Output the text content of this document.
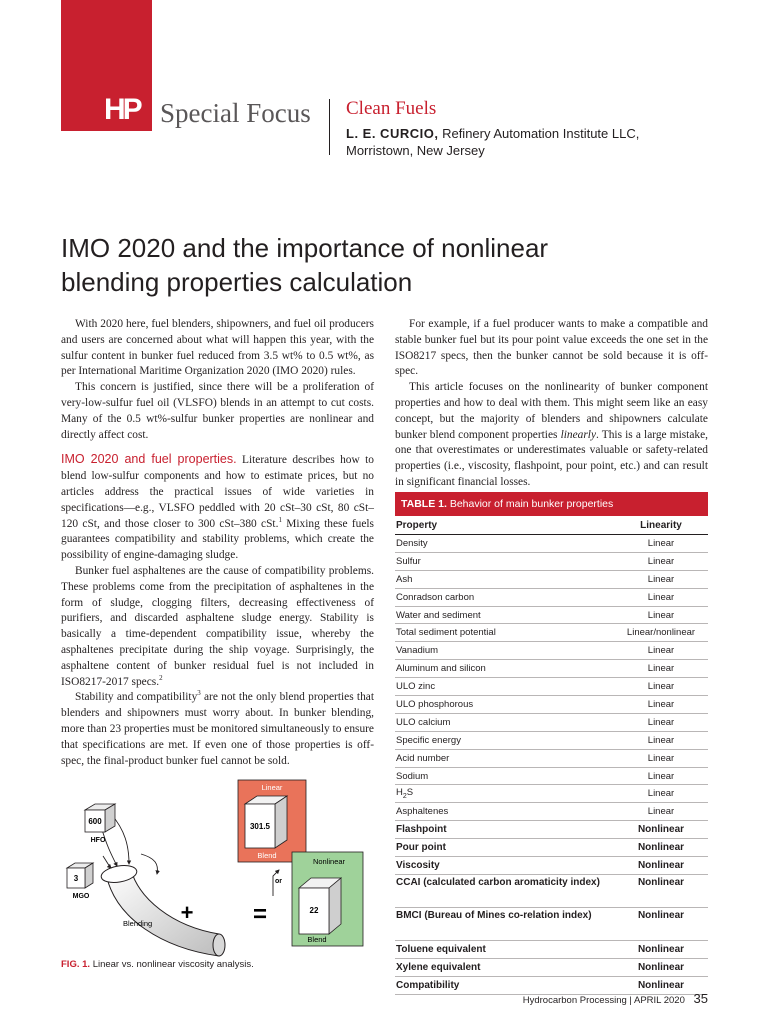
HP Special Focus Clean Fuels
L. E. CURCIO, Refinery Automation Institute LLC,
Morristown, New Jersey
IMO 2020 and the importance of nonlinear
blending properties calculation

With 2020 here, fuel blenders, shipowners, and fuel oil producers and users are concerned about what will happen this year, with the sulfur content in bunker fuel reduced from 3.5 wt% to 0.5 wt%, as per International Maritime Organization 2020 (IMO 2020) rules.

This concern is justified, since there will be a proliferation of very-low-sulfur fuel oil (VLSFO) blends in an attempt to cut costs. Many of the 0.5 wt%-sulfur bunker properties are nonlinear and directly affect cost.

IMO 2020 and fuel properties. Literature describes how to blend low-sulfur components and how to estimate prices, but no articles address the practical issues of wide varieties in specifications—e.g., VLSFO peddled with 20 cSt–30 cSt, 80 cSt–120 cSt, and those closer to 300 cSt–380 cSt.$^1$ Mixing these fuels guarantees compatibility and stability problems, which create the possibility of engine-damaging sludge.

Bunker fuel asphaltenes are the cause of compatibility problems. These problems come from the precipitation of asphaltenes in the form of sludge, clogging filters, decreasing effectiveness of purifiers, and discarded asphaltene sludge energy. Stability is basically a time-dependent compatibility issue, whereby the asphaltenes precipitate during the ship voyage. Surprisingly, the asphaltene content of bunker residual fuel is not included in ISO8217-2017 specs.$^2$

Stability and compatibility$^3$ are not the only blend properties that blenders and shipowners must worry about. In bunker blending, more than 23 properties must be monitored simultaneously to ensure that specifications are met. If even one of those properties is off-spec, the final-product bunker fuel cannot be sold.

For example, if a fuel producer wants to make a compatible and stable bunker fuel but its pour point value exceeds the one set in the ISO8217 specs, then the bunker cannot be sold because it is off-spec.

This article focuses on the nonlinearity of bunker component properties and how to deal with them. This might seem like an easy concept, but the majority of blenders and shipowners calculate bunker blend component properties linearly. This is a large mistake, one that overestimates or underestimates valuable or safety-related properties (i.e., viscosity, flashpoint, pour point, etc.) and can result in significant financial losses.

TABLE 1. Behavior of main bunker properties
Property	Linearity
Density	Linear
Sulfur	Linear
Ash	Linear
Conradson carbon	Linear
Water and sediment	Linear
Total sediment potential	Linear/nonlinear
Vanadium	Linear
Aluminum and silicon	Linear
ULO zinc	Linear
ULO phosphorous	Linear
ULO calcium	Linear
Specific energy	Linear
Acid number	Linear
Sodium	Linear
$H_2S$	Linear
Asphaltenes	Linear
Flashpoint	Nonlinear
Pour point	Nonlinear
Viscosity	Nonlinear
CCAI (calculated carbon aromaticity index)	Nonlinear
BMCI (Bureau of Mines co-relation index)	Nonlinear
Toluene equivalent	Nonlinear
Xylene equivalent	Nonlinear
Compatibility	Nonlinear
600
HFO
3
MGO
Blending + =
Linear
301.5
Blend
or
Nonlinear
22
Blend
FIG. 1. Linear vs. nonlinear viscosity analysis.
Hydrocarbon Processing | APRIL 2020 35
